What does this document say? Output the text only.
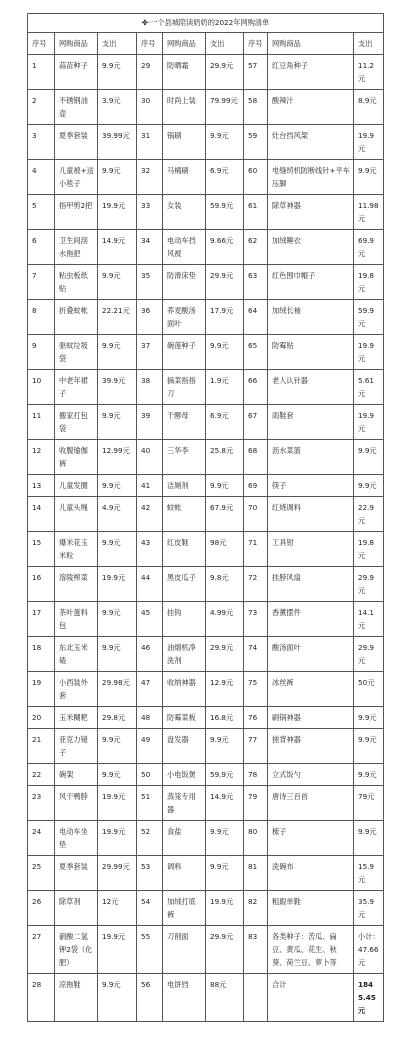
✤·一个县城陪读奶奶的2022年网购清单								
序号	网购商品	支出	序号	网购商品	支出	序号	网购商品	支出
1	蒜苗种子	9.9元	29	防晒霜	29.9元	57	红豆角种子	11.2元
2	不锈钢油壶	3.9元	30	时尚上装	79.99元	58	酸辣汁	8.9元
3	夏季套装	39.99元	31	锅刷	9.9元	59	灶台挡风架	19.9元
4	儿童被+送小毯子	9.9元	32	马桶刷	6.9元	60	电缝纫机防断线针+平车压脚	9.9元
5	指甲剪2把	19.9元	33	女装	59.9元	61	除草神器	11.98元
6	卫生间刮水拖把	14.9元	34	电动车挡风被	9.66元	62	加绒睡衣	69.9元
7	粘虫板纸贴	9.9元	35	防滑床垫	29.9元	63	红色围巾帽子	19.8元
8	折叠蚊帐	22.21元	36	荞麦酸汤面叶	17.9元	64	加绒长袖	59.9元
9	驱蚊垃圾袋	9.9元	37	碗莲种子	9.9元	65	防霉贴	19.9元
10	中老年裙子	39.9元	38	摘菜指指刀	1.9元	66	老人认针器	5.61元
11	搬家打包袋	9.9元	39	干酵母	6.9元	67	雨鞋套	19.9元
12	收腹瑜伽裤	12.99元	40	三华李	25.8元	68	沥水菜篮	9.9元
13	儿童发圈	9.9元	41	洁厕剂	9.9元	69	筷子	9.9元
14	儿童头绳	4.9元	42	蚊帐	67.9元	70	红烧调料	22.9元
15	爆米花玉米粒	9.9元	43	红皮鞋	98元	71	工具钳	19.8元
16	溶陵榨菜	19.9元	44	黑皮瓜子	9.8元	72	挂脖风扇	29.9元
17	茶叶蛋料包	9.9元	45	挂钩	4.99元	73	香薰摆件	14.1元
18	东北玉米碴	9.9元	46	油烟机净洗剂	29.9元	74	酸汤面叶	29.9元
19	小西装外套	29.98元	47	收纳神器	12.9元	75	冰丝裤	50元
20	玉米糊粑	29.8元	48	防霉菜板	16.8元	76	刷锅神器	9.9元
21	亚克力镜子	9.9元	49	盘发器	9.9元	77	搓背神器	9.9元
22	碗架	9.9元	50	小电饭煲	59.9元	78	立式饭勺	9.9元
23	风干鸭脖	19.9元	51	蒸笼专用器	14.9元	79	唐诗三百首	79元
24	电动车坐垫	19.9元	52	食盐	9.9元	80	梳子	9.9元
25	夏季套装	29.99元	53	调料	9.9元	81	洗碗布	15.9元
26	除草剂	12元	54	加绒打底裤	19.9元	82	粗跟单鞋	35.9元
27	硝酸二氢钾2袋（化肥）	19.9元	55	刀削面	29.9元	83	各类种子：苦瓜、扁豆、黄瓜、花生、秋葵、荷兰豆、萝卜等	小计：47.66元
28	凉拖鞋	9.9元	56	电饼铛	88元		合计	1845.45元
